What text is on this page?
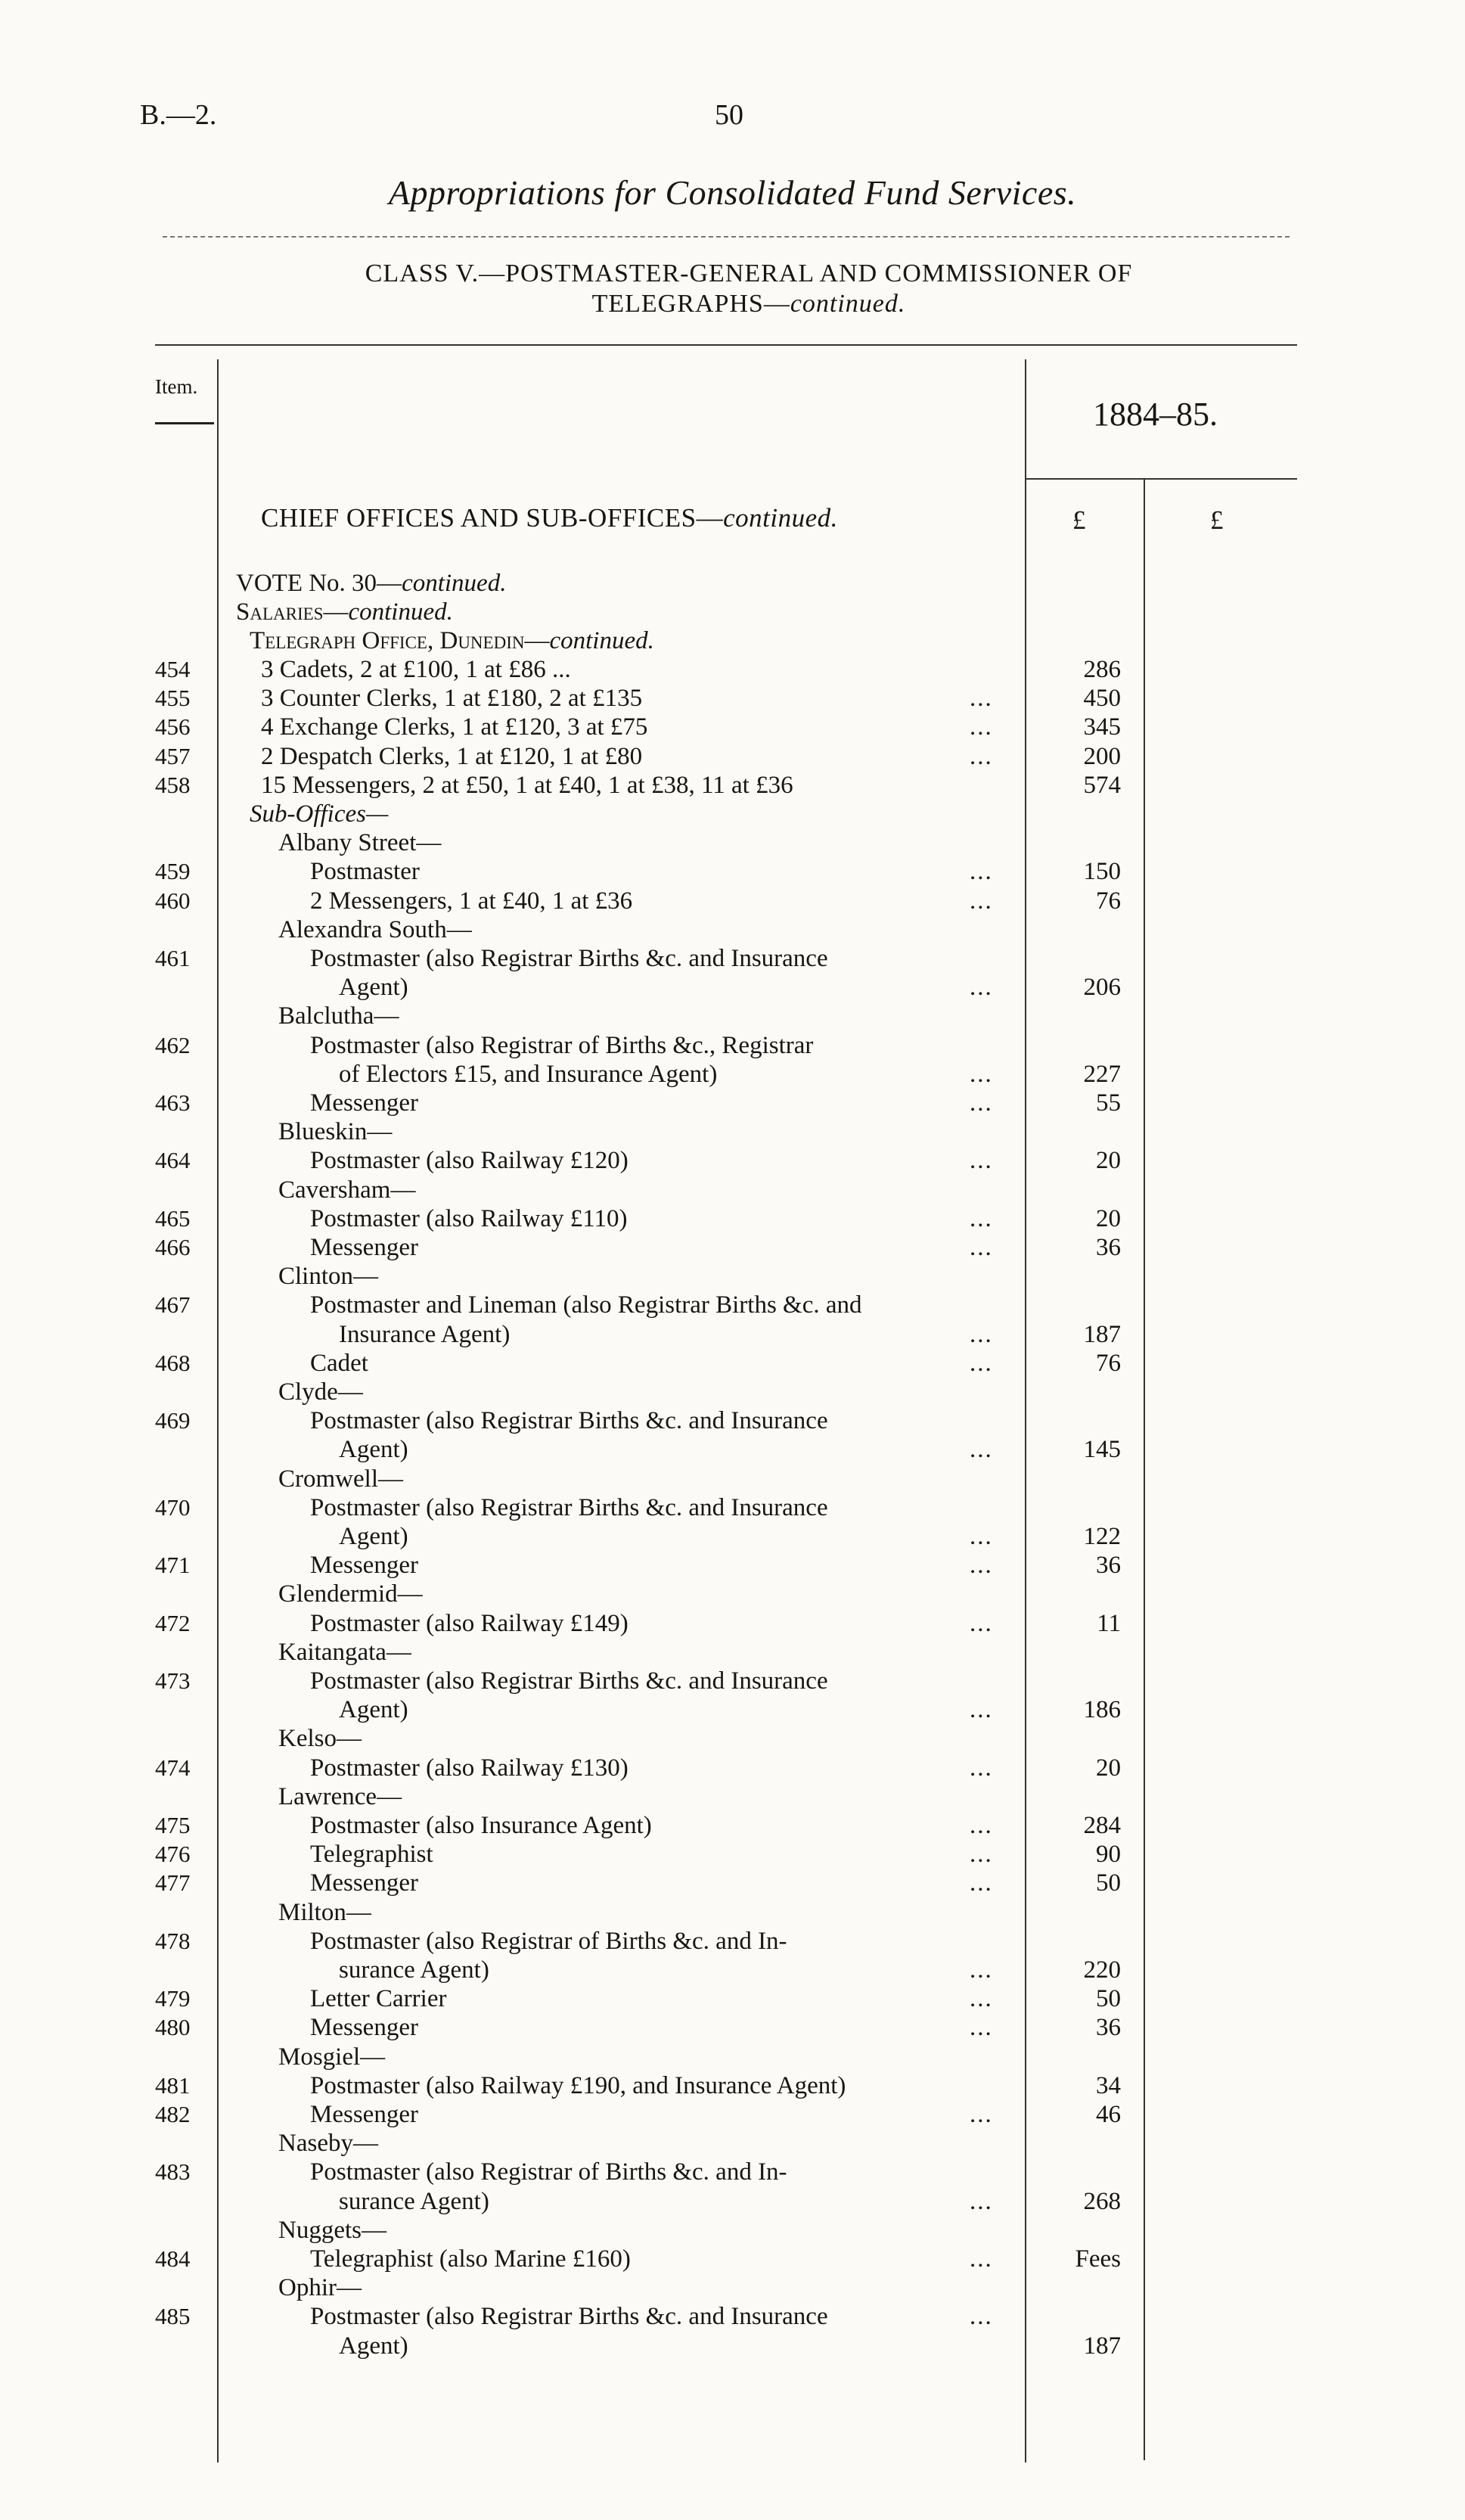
B.—2.	50
Appropriations for Consolidated Fund Services.
CLASS V.—POSTMASTER-GENERAL AND COMMISSIONER OF
TELEGRAPHS—continued.
Item.
1884–85.
CHIEF OFFICES AND SUB-OFFICES—continued.	£	£
VOTE No. 30—continued.
Salaries—continued.
Telegraph Office, Dunedin—continued.
454	3 Cadets, 2 at £100, 1 at £86 ...	286
455	3 Counter Clerks, 1 at £180, 2 at £135	...	450
456	4 Exchange Clerks, 1 at £120, 3 at £75	...	345
457	2 Despatch Clerks, 1 at £120, 1 at £80	...	200
458	15 Messengers, 2 at £50, 1 at £40, 1 at £38, 11 at £36	574
Sub-Offices—
Albany Street—
459	Postmaster	...	150
460	2 Messengers, 1 at £40, 1 at £36	...	76
Alexandra South—
461	Postmaster (also Registrar Births &c. and Insurance
Agent)	...	206
Balclutha—
462	Postmaster (also Registrar of Births &c., Registrar
of Electors £15, and Insurance Agent)	...	227
463	Messenger	...	55
Blueskin—
464	Postmaster (also Railway £120)	...	20
Caversham—
465	Postmaster (also Railway £110)	...	20
466	Messenger	...	36
Clinton—
467	Postmaster and Lineman (also Registrar Births &c. and
Insurance Agent)	...	187
468	Cadet	...	76
Clyde—
469	Postmaster (also Registrar Births &c. and Insurance
Agent)	...	145
Cromwell—
470	Postmaster (also Registrar Births &c. and Insurance
Agent)	...	122
471	Messenger	...	36
Glendermid—
472	Postmaster (also Railway £149)	...	11
Kaitangata—
473	Postmaster (also Registrar Births &c. and Insurance
Agent)	...	186
Kelso—
474	Postmaster (also Railway £130)	...	20
Lawrence—
475	Postmaster (also Insurance Agent)	...	284
476	Telegraphist	...	90
477	Messenger	...	50
Milton—
478	Postmaster (also Registrar of Births &c. and In-
surance Agent)	...	220
479	Letter Carrier	...	50
480	Messenger	...	36
Mosgiel—
481	Postmaster (also Railway £190, and Insurance Agent)	34
482	Messenger	...	46
Naseby—
483	Postmaster (also Registrar of Births &c. and In-
surance Agent)	...	268
Nuggets—
484	Telegraphist (also Marine £160)	...	Fees
Ophir—
485	Postmaster (also Registrar Births &c. and Insurance	...
Agent)	187
